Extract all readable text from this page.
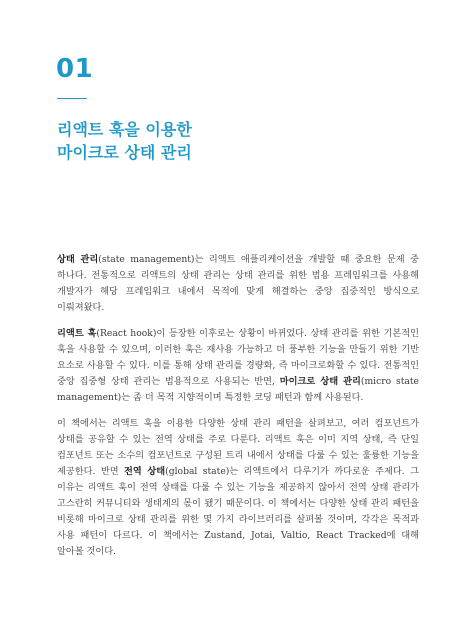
01
리액트 훅을 이용한
마이크로 상태 관리

상태 관리(state management)는 리액트 애플리케이션을 개발할 때 중요한 문제 중 하나다. 전통적으로 리액트의 상태 관리는 상태 관리를 위한 범용 프레임워크를 사용해 개발자가 해당 프레임워크 내에서 목적에 맞게 해결하는 중앙 집중적인 방식으로 이뤄져왔다.

리액트 훅(React hook)이 등장한 이후로는 상황이 바뀌었다. 상태 관리를 위한 기본적인 훅을 사용할 수 있으며, 이러한 훅은 재사용 가능하고 더 풍부한 기능을 만들기 위한 기반 요소로 사용할 수 있다. 이를 통해 상태 관리를 경량화, 즉 마이크로화할 수 있다. 전통적인 중앙 집중형 상태 관리는 범용적으로 사용되는 반면, 마이크로 상태 관리(micro state management)는 좀 더 목적 지향적이며 특정한 코딩 패턴과 함께 사용된다.

이 책에서는 리액트 훅을 이용한 다양한 상태 관리 패턴을 살펴보고, 여러 컴포넌트가 상태를 공유할 수 있는 전역 상태를 주로 다룬다. 리액트 훅은 이미 지역 상태, 즉 단일 컴포넌트 또는 소수의 컴포넌트로 구성된 트리 내에서 상태를 다룰 수 있는 훌륭한 기능을 제공한다. 반면 전역 상태(global state)는 리액트에서 다루기가 까다로운 주제다. 그 이유는 리액트 훅이 전역 상태를 다룰 수 있는 기능을 제공하지 않아서 전역 상태 관리가 고스란히 커뮤니티와 생태계의 몫이 됐기 때문이다. 이 책에서는 다양한 상태 관리 패턴을 비롯해 마이크로 상태 관리를 위한 몇 가지 라이브러리를 살펴볼 것이며, 각각은 목적과 사용 패턴이 다르다. 이 책에서는 Zustand, Jotai, Valtio, React Tracked에 대해 알아볼 것이다.
